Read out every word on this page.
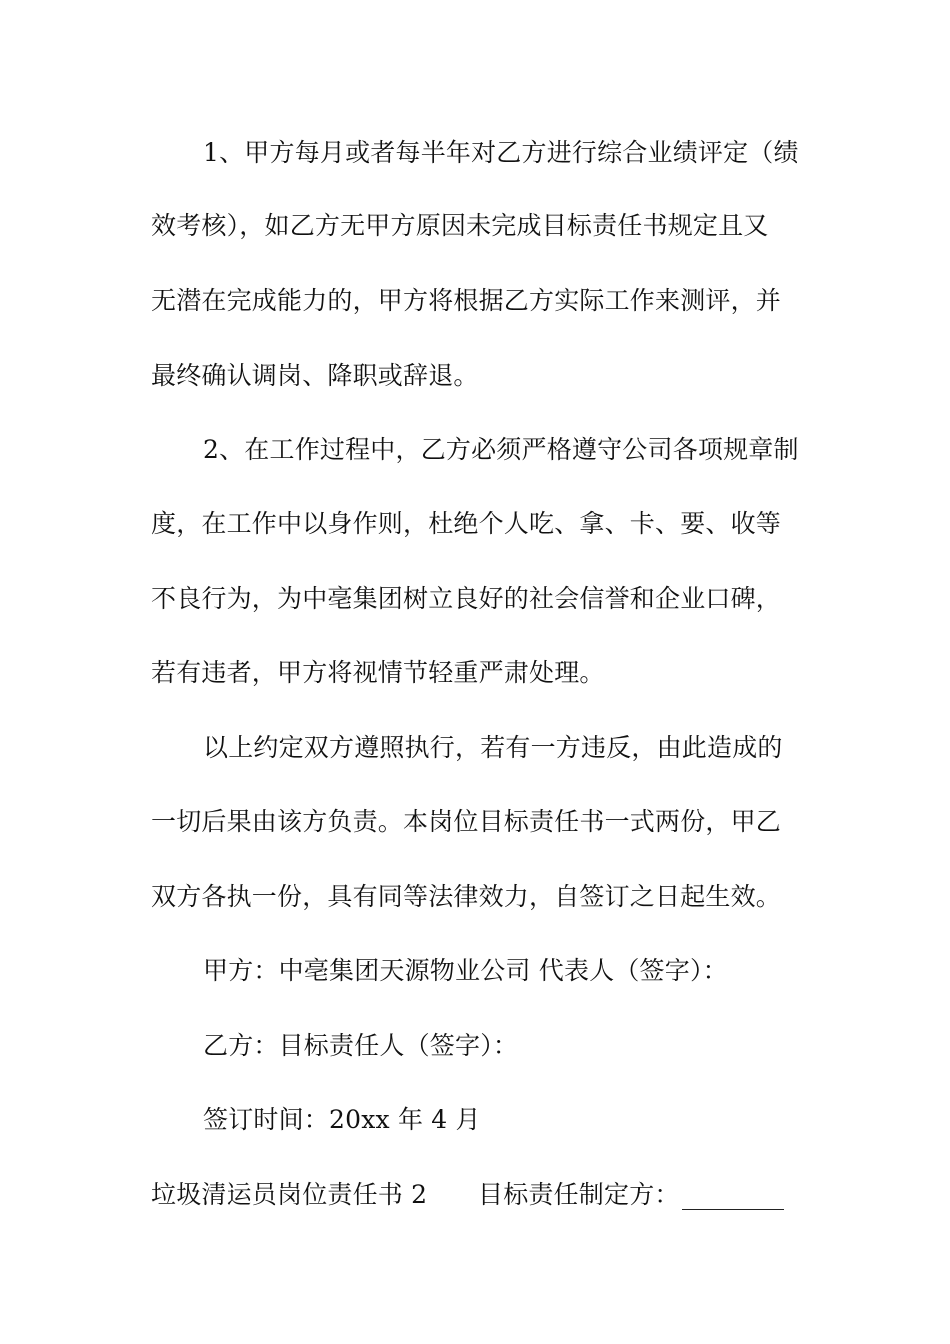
1、甲方每月或者每半年对乙方进行综合业绩评定（绩
效考核），如乙方无甲方原因未完成目标责任书规定且又
无潜在完成能力的，甲方将根据乙方实际工作来测评，并
最终确认调岗、降职或辞退。
2、在工作过程中，乙方必须严格遵守公司各项规章制
度，在工作中以身作则，杜绝个人吃、拿、卡、要、收等
不良行为，为中亳集团树立良好的社会信誉和企业口碑，
若有违者，甲方将视情节轻重严肃处理。
以上约定双方遵照执行，若有一方违反，由此造成的
一切后果由该方负责。本岗位目标责任书一式两份，甲乙
双方各执一份，具有同等法律效力，自签订之日起生效。
甲方：中亳集团天源物业公司 代表人（签字）：
乙方：目标责任人（签字）：
签订时间：20xx 年 4 月
垃圾清运员岗位责任书 2 目标责任制定方：
